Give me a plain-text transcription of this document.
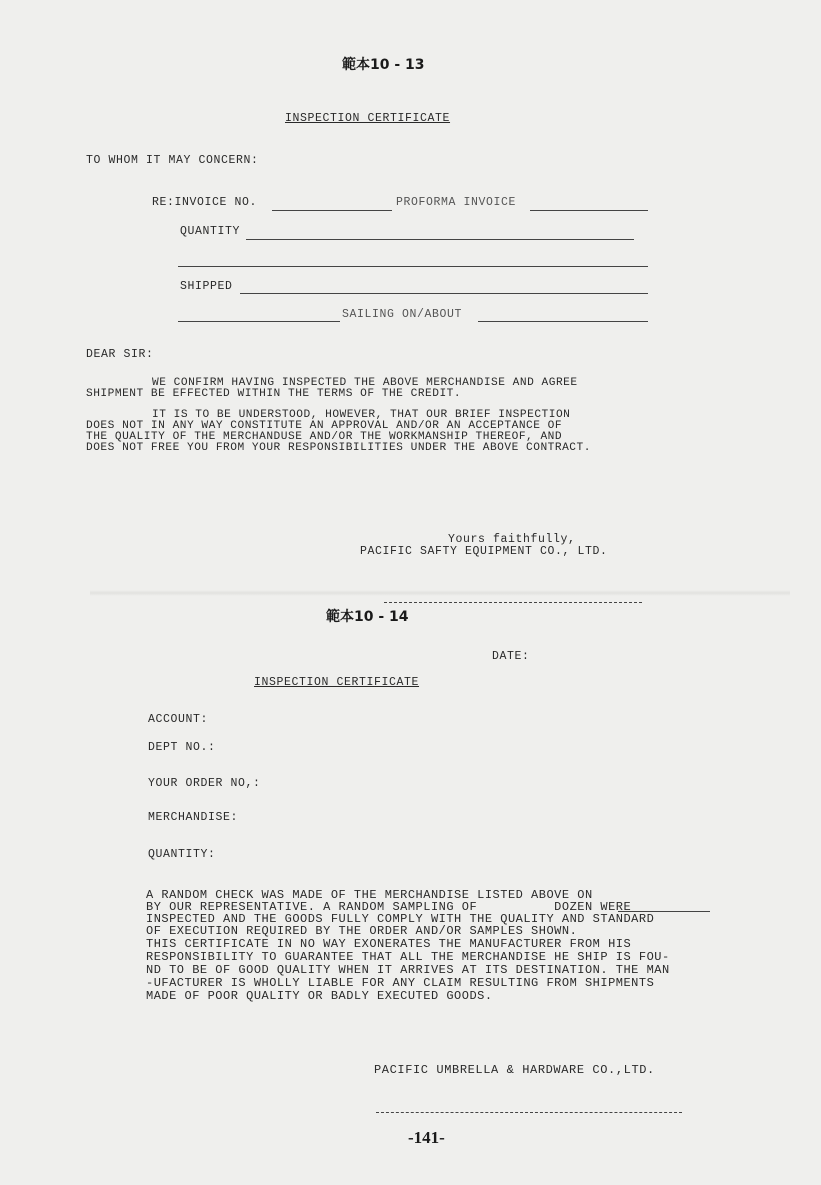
範本10 - 13
INSPECTION CERTIFICATE
TO WHOM IT MAY CONCERN:
RE:INVOICE NO.	PROFORMA INVOICE
QUANTITY
SHIPPED
SAILING ON/ABOUT
DEAR SIR:
WE CONFIRM HAVING INSPECTED THE ABOVE MERCHANDISE AND AGREE
SHIPMENT BE EFFECTED WITHIN THE TERMS OF THE CREDIT.
IT IS TO BE UNDERSTOOD, HOWEVER, THAT OUR BRIEF INSPECTION
DOES NOT IN ANY WAY CONSTITUTE AN APPROVAL AND/OR AN ACCEPTANCE OF
THE QUALITY OF THE MERCHANDUSE AND/OR THE WORKMANSHIP THEREOF, AND
DOES NOT FREE YOU FROM YOUR RESPONSIBILITIES UNDER THE ABOVE CONTRACT.
Yours faithfully,
PACIFIC SAFTY EQUIPMENT CO., LTD.
範本10 - 14
DATE:
INSPECTION CERTIFICATE
ACCOUNT:
DEPT NO.:
YOUR ORDER NO,:
MERCHANDISE:
QUANTITY:
A RANDOM CHECK WAS MADE OF THE MERCHANDISE LISTED ABOVE ON
BY OUR REPRESENTATIVE. A RANDOM SAMPLING OF          DOZEN WERE
INSPECTED AND THE GOODS FULLY COMPLY WITH THE QUALITY AND STANDARD
OF EXECUTION REQUIRED BY THE ORDER AND/OR SAMPLES SHOWN.
THIS CERTIFICATE IN NO WAY EXONERATES THE MANUFACTURER FROM HIS
RESPONSIBILITY TO GUARANTEE THAT ALL THE MERCHANDISE HE SHIP IS FOU-
ND TO BE OF GOOD QUALITY WHEN IT ARRIVES AT ITS DESTINATION. THE MAN
-UFACTURER IS WHOLLY LIABLE FOR ANY CLAIM RESULTING FROM SHIPMENTS
MADE OF POOR QUALITY OR BADLY EXECUTED GOODS.
PACIFIC UMBRELLA & HARDWARE CO.,LTD.
-141-
